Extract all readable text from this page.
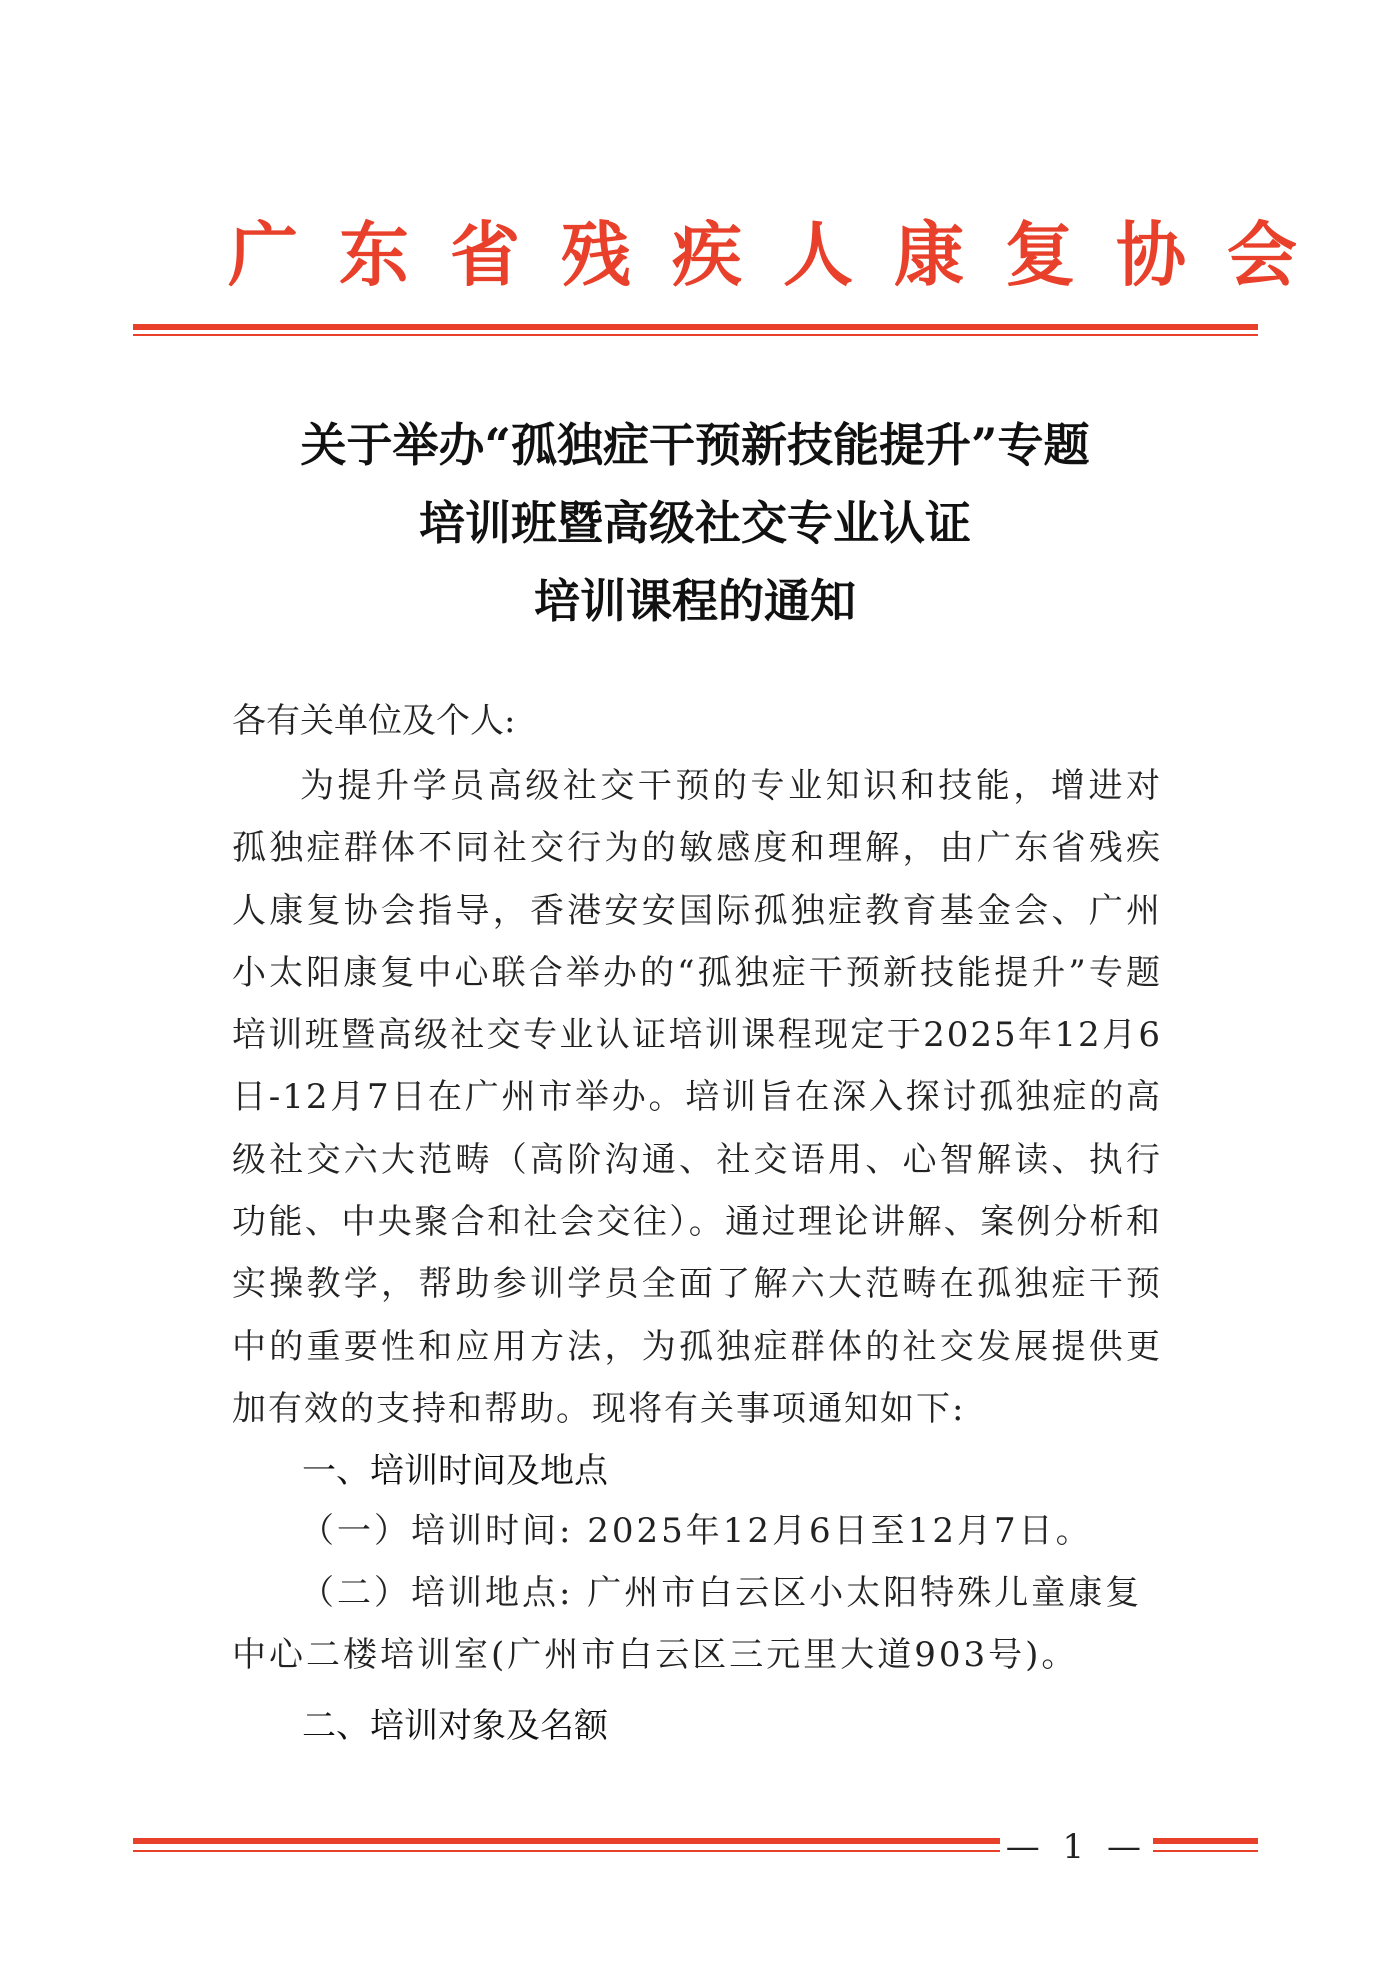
广东省残疾人康复协会
关于举办“孤独症干预新技能提升”专题
培训班暨高级社交专业认证
培训课程的通知
各有关单位及个人:
为提升学员高级社交干预的专业知识和技能，增进对孤独症群体不同社交行为的敏感度和理解，由广东省残疾人康复协会指导，香港安安国际孤独症教育基金会、广州小太阳康复中心联合举办的“孤独症干预新技能提升”专题培训班暨高级社交专业认证培训课程现定于2025年12月6日-12月7日在广州市举办。培训旨在深入探讨孤独症的高级社交六大范畴（高阶沟通、社交语用、心智解读、执行功能、中央聚合和社会交往）。通过理论讲解、案例分析和实操教学，帮助参训学员全面了解六大范畴在孤独症干预中的重要性和应用方法，为孤独症群体的社交发展提供更加有效的支持和帮助。现将有关事项通知如下:
一、培训时间及地点
（一）培训时间: 2025年12月6日至12月7日。
（二）培训地点: 广州市白云区小太阳特殊儿童康复中心二楼培训室(广州市白云区三元里大道903号)。
二、培训对象及名额
— 1 —
